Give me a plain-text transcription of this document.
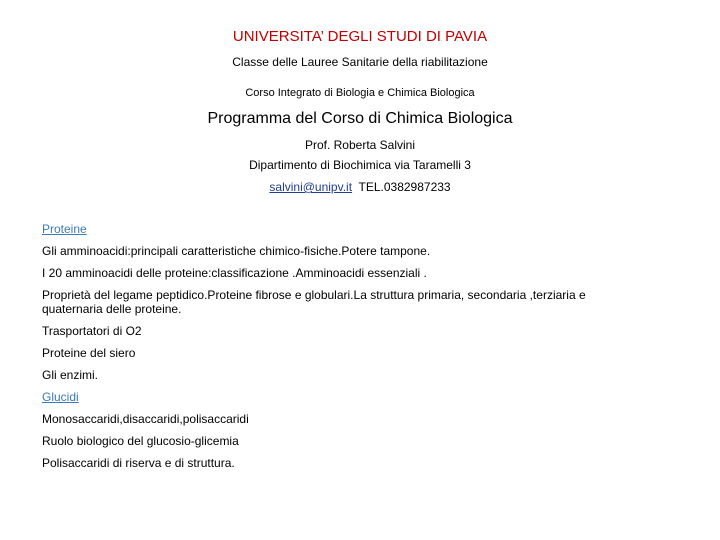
UNIVERSITA’ DEGLI STUDI DI PAVIA
Classe delle Lauree Sanitarie della riabilitazione
Corso Integrato di Biologia e Chimica Biologica
Programma del Corso di Chimica Biologica
Prof. Roberta Salvini
Dipartimento di Biochimica via Taramelli 3
salvini@unipv.it TEL.0382987233

Proteine

Gli amminoacidi:principali caratteristiche chimico-fisiche.Potere tampone.

I 20 amminoacidi delle proteine:classificazione .Amminoacidi essenziali .

Proprietà del legame peptidico.Proteine fibrose e globulari.La struttura primaria, secondaria ,terziaria e quaternaria delle proteine.

Trasportatori di O2

Proteine del siero

Gli enzimi.

Glucidi

Monosaccaridi,disaccaridi,polisaccaridi

Ruolo biologico del glucosio-glicemia

Polisaccaridi di riserva e di struttura.
